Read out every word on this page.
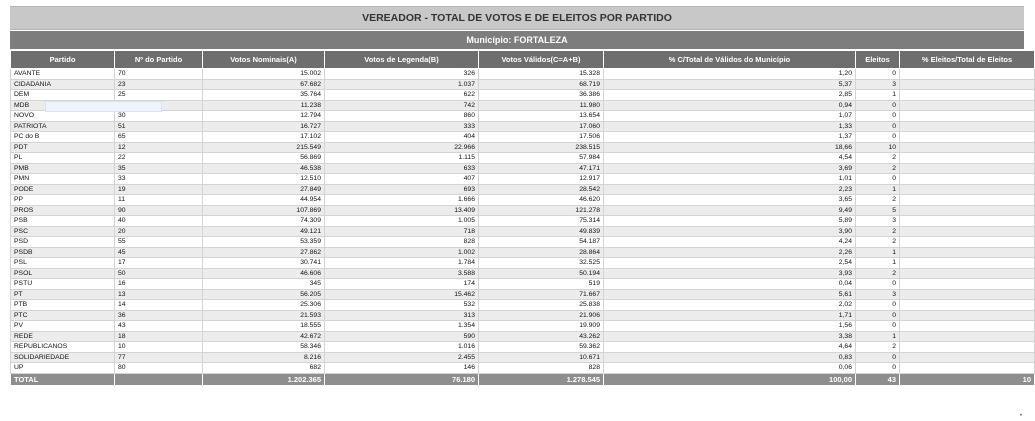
VEREADOR - TOTAL DE VOTOS E DE ELEITOS POR PARTIDO
Município: FORTALEZA
Partido	Nº do Partido	Votos Nominais(A)	Votos de Legenda(B)	Votos Válidos(C=A+B)	% C/Total de Válidos do Município	Eleitos	% Eleitos/Total de Eleitos
AVANTE	70	15.002	326	15.328	1,20	0	
CIDADANIA	23	67.682	1.037	68.719	5,37	3	
DEM	25	35.764	622	36.386	2,85	1	
MDB		11.238	742	11.980	0,94	0	
NOVO	30	12.794	860	13.654	1,07	0	
PATRIOTA	51	16.727	333	17.060	1,33	0	
PC do B	65	17.102	404	17.506	1,37	0	
PDT	12	215.549	22.966	238.515	18,66	10	
PL	22	56.869	1.115	57.984	4,54	2	
PMB	35	46.538	633	47.171	3,69	2	
PMN	33	12.510	407	12.917	1,01	0	
PODE	19	27.849	693	28.542	2,23	1	
PP	11	44.954	1.666	46.620	3,65	2	
PROS	90	107.869	13.409	121.278	9,49	5	
PSB	40	74.309	1.005	75.314	5,89	3	
PSC	20	49.121	718	49.839	3,90	2	
PSD	55	53.359	828	54.187	4,24	2	
PSDB	45	27.862	1.002	28.864	2,26	1	
PSL	17	30.741	1.784	32.525	2,54	1	
PSOL	50	46.606	3.588	50.194	3,93	2	
PSTU	16	345	174	519	0,04	0	
PT	13	56.205	15.462	71.667	5,61	3	
PTB	14	25.306	532	25.838	2,02	0	
PTC	36	21.593	313	21.906	1,71	0	
PV	43	18.555	1.354	19.909	1,56	0	
REDE	18	42.672	590	43.262	3,38	1	
REPUBLICANOS	10	58.346	1.016	59.362	4,64	2	
SOLIDARIEDADE	77	8.216	2.455	10.671	0,83	0	
UP	80	682	146	828	0,06	0	
TOTAL		1.202.365	76.180	1.278.545	100,00	43	10
•
